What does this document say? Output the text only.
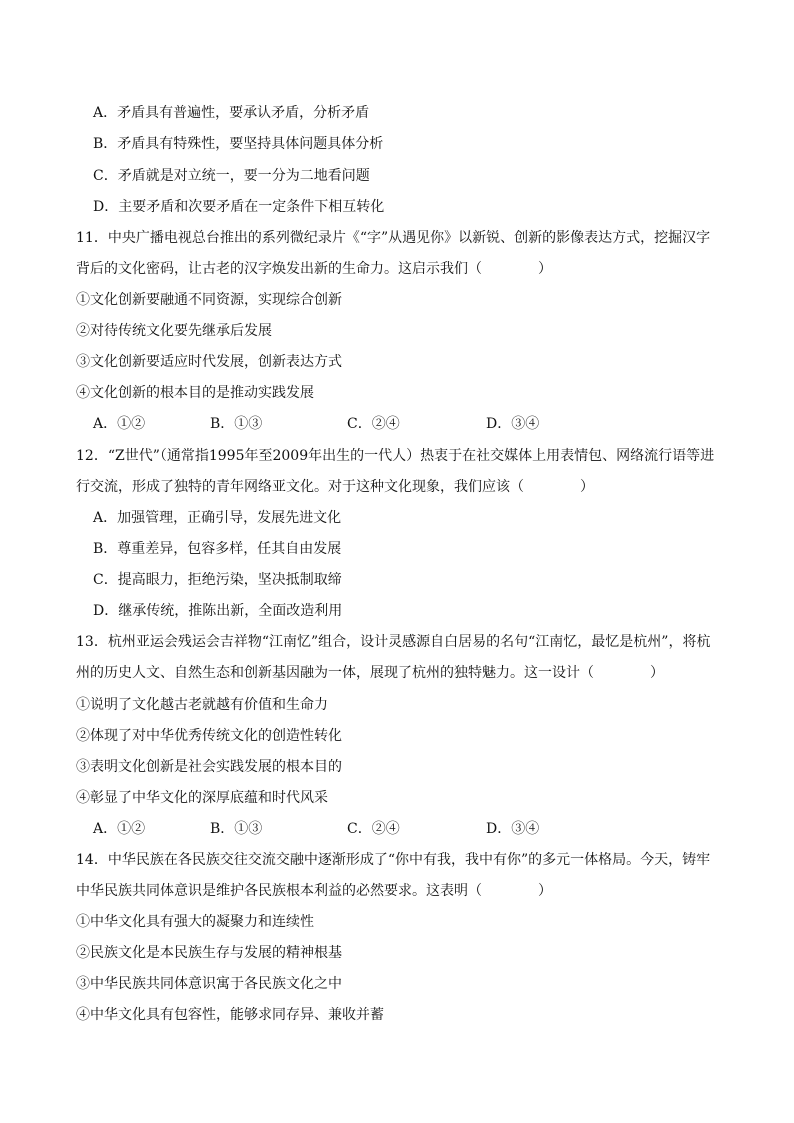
A．矛盾具有普遍性，要承认矛盾，分析矛盾
B．矛盾具有特殊性，要坚持具体问题具体分析
C．矛盾就是对立统一，要一分为二地看问题
D．主要矛盾和次要矛盾在一定条件下相互转化
11．中央广播电视总台推出的系列微纪录片《“字”从遇见你》以新锐、创新的影像表达方式，挖掘汉字
背后的文化密码，让古老的汉字焕发出新的生命力。这启示我们（　　　　）
①文化创新要融通不同资源，实现综合创新
②对待传统文化要先继承后发展
③文化创新要适应时代发展，创新表达方式
④文化创新的根本目的是推动实践发展
A．①②	B．①③	C．②④	D．③④
12．“Z世代”（通常指1995年至2009年出生的一代人）热衷于在社交媒体上用表情包、网络流行语等进
行交流，形成了独特的青年网络亚文化。对于这种文化现象，我们应该（　　　　）
A．加强管理，正确引导，发展先进文化
B．尊重差异，包容多样，任其自由发展
C．提高眼力，拒绝污染，坚决抵制取缔
D．继承传统，推陈出新，全面改造利用
13．杭州亚运会残运会吉祥物“江南忆”组合，设计灵感源自白居易的名句“江南忆，最忆是杭州”，将杭
州的历史人文、自然生态和创新基因融为一体，展现了杭州的独特魅力。这一设计（　　　　）
①说明了文化越古老就越有价值和生命力
②体现了对中华优秀传统文化的创造性转化
③表明文化创新是社会实践发展的根本目的
④彰显了中华文化的深厚底蕴和时代风采
A．①②	B．①③	C．②④	D．③④
14．中华民族在各民族交往交流交融中逐渐形成了“你中有我，我中有你”的多元一体格局。今天，铸牢
中华民族共同体意识是维护各民族根本利益的必然要求。这表明（　　　　）
①中华文化具有强大的凝聚力和连续性
②民族文化是本民族生存与发展的精神根基
③中华民族共同体意识寓于各民族文化之中
④中华文化具有包容性，能够求同存异、兼收并蓄
